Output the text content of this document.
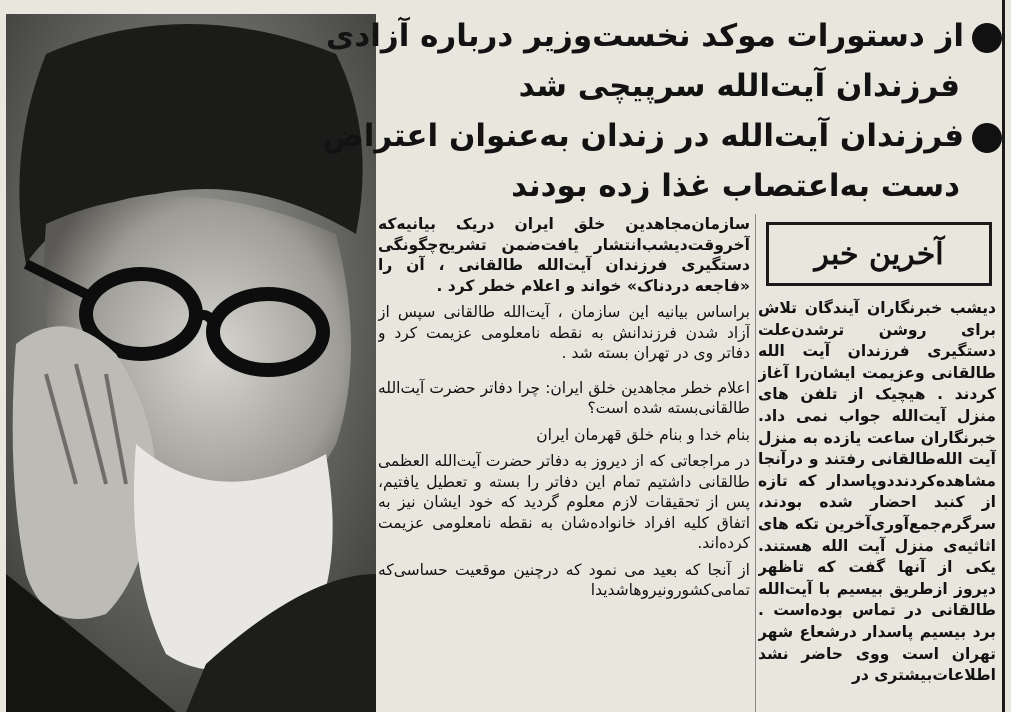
از دستورات موکد نخست‌وزیر درباره آزادی
فرزندان آیت‌الله سرپیچی شد
فرزندان آیت‌الله در زندان به‌عنوان اعتراض
دست به‌اعتصاب غذا زده بودند
آخرین خبر

سازمان‌مجاهدین خلق ایران دریک بیانیه‌که آخروقت‌دیشب‌انتشار یافت‌ضمن تشریح‌چگونگی دستگیری فرزندان آیت‌الله طالقانی ، آن را «فاجعه دردناک» خواند و اعلام خطر کرد .

براساس بیانیه این سازمان ، آیت‌الله طالقانی سپس از آزاد شدن فرزندانش به نقطه نامعلومی عزیمت کرد و دفاتر وی در تهران بسته شد .

اعلام خطر مجاهدین خلق ایران: چرا دفاتر حضرت آیت‌الله طالقانی‌بسته شده است؟

بنام خدا و بنام خلق قهرمان ایران

در مراجعاتی که از دیروز به دفاتر حضرت آیت‌الله العظمی طالقانی داشتیم تمام این دفاتر را بسته و تعطیل یافتیم، پس از تحقیقات لازم معلوم گردید که خود ایشان نیز به اتفاق کلیه افراد خانواده‌شان به نقطه نامعلومی عزیمت کرده‌اند.

از آنجا که بعید می نمود که درچنین موقعیت حساسی‌که تمامی‌کشورونیروهاشدیدا

دیشب خبرنگاران آیندگان تلاش برای روشن ترشدن‌علت دستگیری فرزندان آیت الله طالقانی وعزیمت ایشان‌را آغاز کردند . هیچیک از تلفن های منزل آیت‌الله جواب نمی داد. خبرنگاران ساعت یازده به منزل آیت الله‌طالقانی رفتند و درآنجا مشاهده‌کردند‌دو‌پاسدار که تازه از کنبد احضار شده بودند، سرگرم‌جمع‌آوری‌آخرین تکه های اثاثیه‌ی منزل آیت الله هستند. یکی از آنها گفت که تاظهر دیروز ازطریق بیسیم با آیت‌الله طالقانی در تماس بوده‌است . برد بیسیم پاسدار درشعاع شهر تهران است ووی حاضر نشد اطلاعات‌بیشتری در
